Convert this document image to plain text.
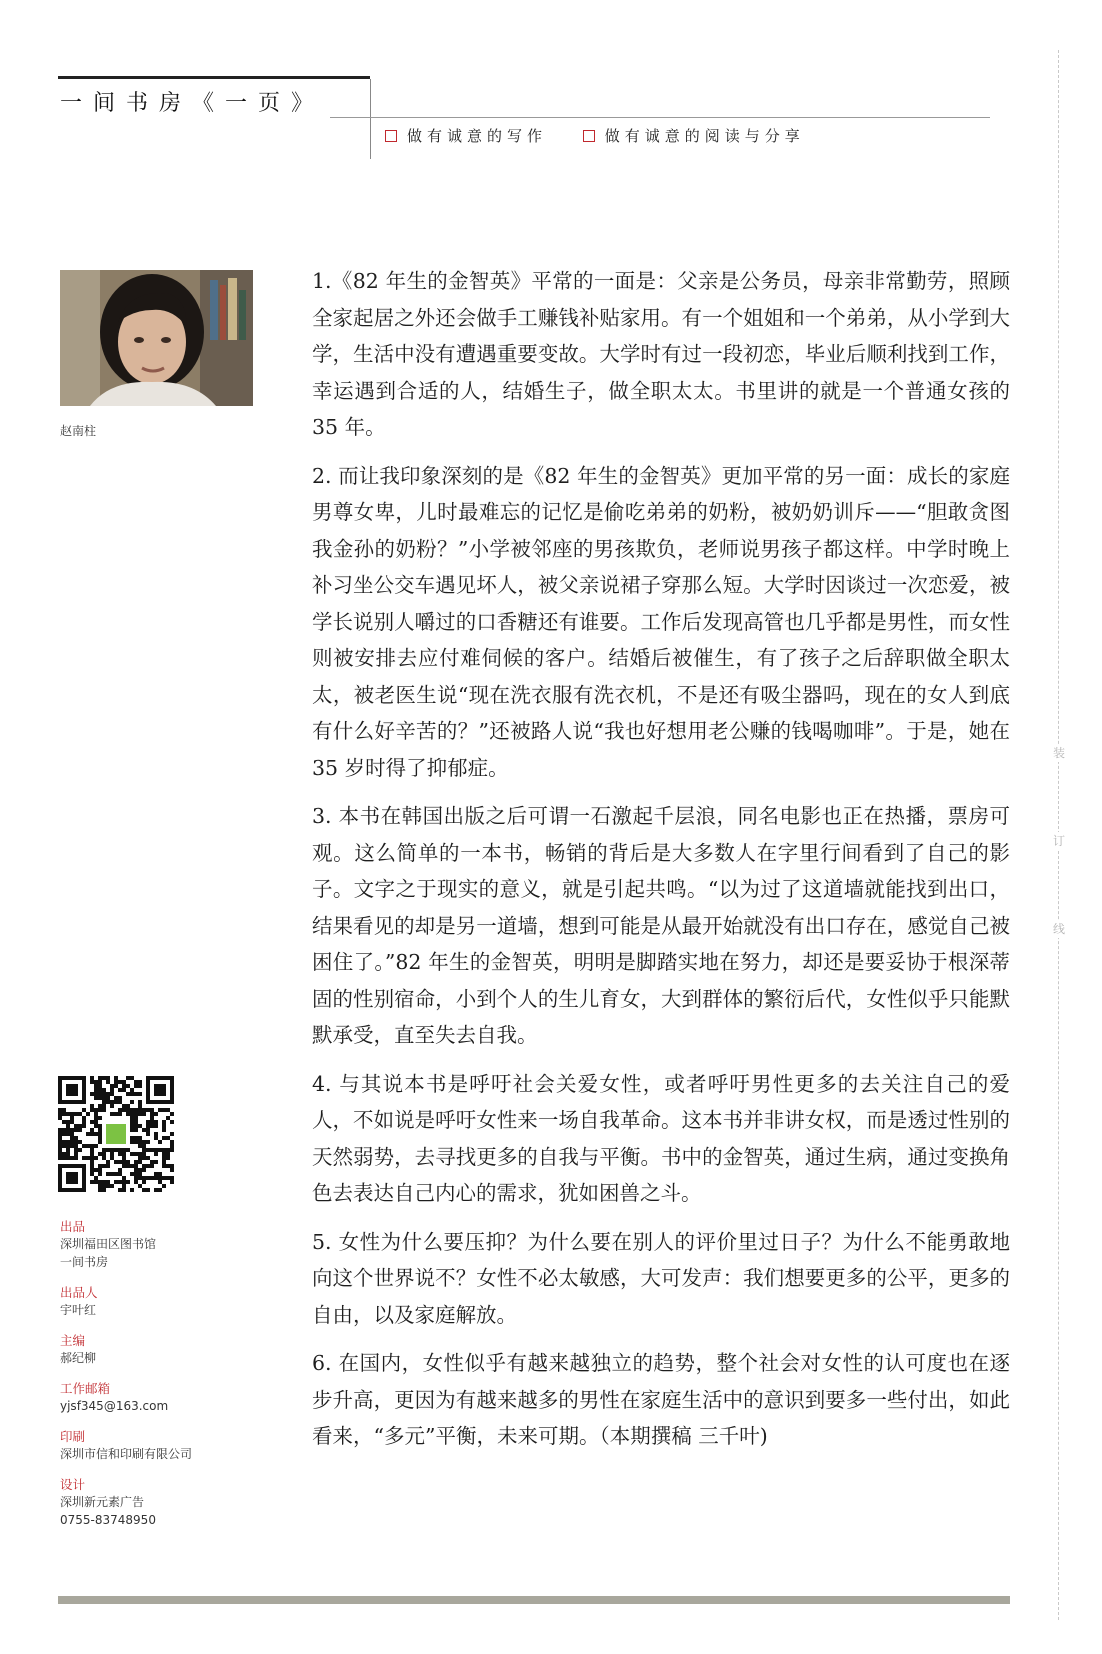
一间书房《一页》
做有诚意的写作
	做有诚意的阅读与分享
装
订
线
赵南柱
出品
深圳福田区图书馆
一间书房
出品人
宇叶红
主编
郝纪柳
工作邮箱
yjsf345@163.com
印刷
深圳市信和印刷有限公司
设计
深圳新元素广告
0755-83748950

1.《82 年生的金智英》平常的一面是：父亲是公务员，母亲非常勤劳，照顾全家起居之外还会做手工赚钱补贴家用。有一个姐姐和一个弟弟，从小学到大学，生活中没有遭遇重要变故。大学时有过一段初恋，毕业后顺利找到工作，幸运遇到合适的人，结婚生子，做全职太太。书里讲的就是一个普通女孩的 35 年。

2. 而让我印象深刻的是《82 年生的金智英》更加平常的另一面：成长的家庭男尊女卑，儿时最难忘的记忆是偷吃弟弟的奶粉，被奶奶训斥——“胆敢贪图我金孙的奶粉？”小学被邻座的男孩欺负，老师说男孩子都这样。中学时晚上补习坐公交车遇见坏人，被父亲说裙子穿那么短。大学时因谈过一次恋爱，被学长说别人嚼过的口香糖还有谁要。工作后发现高管也几乎都是男性，而女性则被安排去应付难伺候的客户。结婚后被催生，有了孩子之后辞职做全职太太，被老医生说“现在洗衣服有洗衣机，不是还有吸尘器吗，现在的女人到底有什么好辛苦的？”还被路人说“我也好想用老公赚的钱喝咖啡”。于是，她在 35 岁时得了抑郁症。

3. 本书在韩国出版之后可谓一石激起千层浪，同名电影也正在热播，票房可观。这么简单的一本书，畅销的背后是大多数人在字里行间看到了自己的影子。文字之于现实的意义，就是引起共鸣。“以为过了这道墙就能找到出口，结果看见的却是另一道墙，想到可能是从最开始就没有出口存在，感觉自己被困住了。”82 年生的金智英，明明是脚踏实地在努力，却还是要妥协于根深蒂固的性别宿命，小到个人的生儿育女，大到群体的繁衍后代，女性似乎只能默默承受，直至失去自我。

4. 与其说本书是呼吁社会关爱女性，或者呼吁男性更多的去关注自己的爱人，不如说是呼吁女性来一场自我革命。这本书并非讲女权，而是透过性别的天然弱势，去寻找更多的自我与平衡。书中的金智英，通过生病，通过变换角色去表达自己内心的需求，犹如困兽之斗。

5. 女性为什么要压抑？为什么要在别人的评价里过日子？为什么不能勇敢地向这个世界说不？女性不必太敏感，大可发声：我们想要更多的公平，更多的自由，以及家庭解放。

6. 在国内，女性似乎有越来越独立的趋势，整个社会对女性的认可度也在逐步升高，更因为有越来越多的男性在家庭生活中的意识到要多一些付出，如此看来，“多元”平衡，未来可期。（本期撰稿 三千叶)
